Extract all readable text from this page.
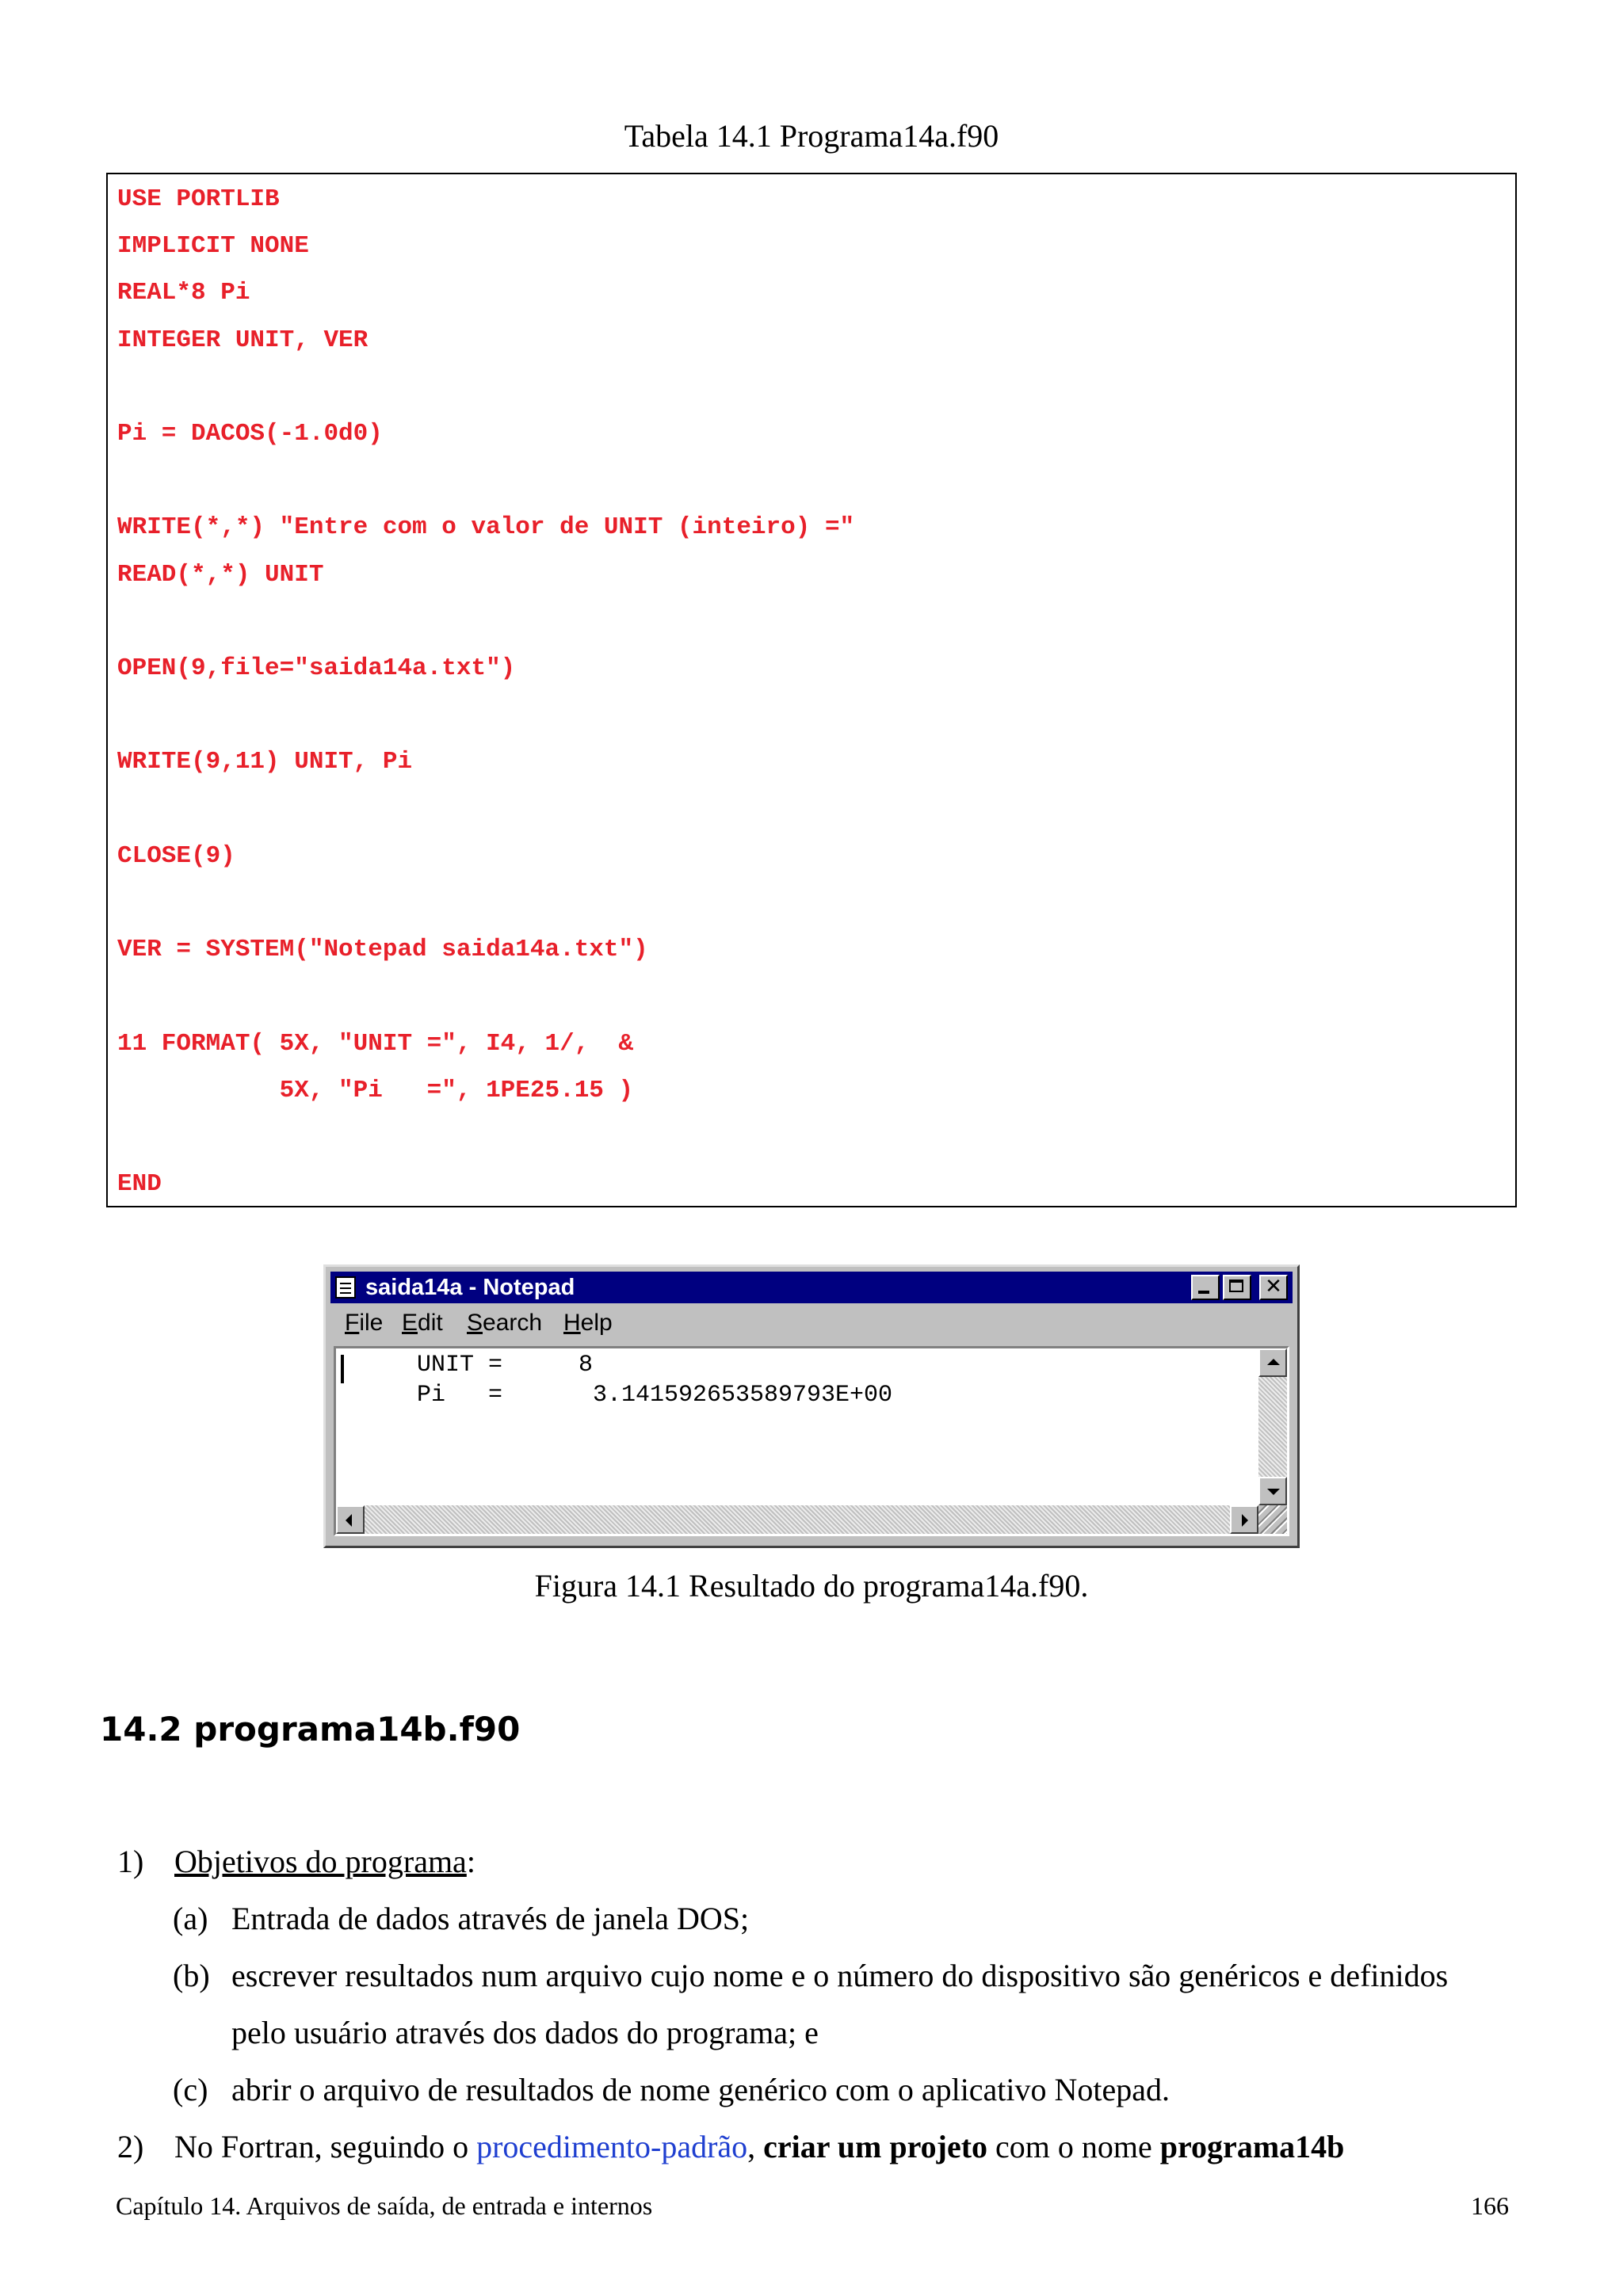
Tabela 14.1 Programa14a.f90
USE PORTLIB
IMPLICIT NONE
REAL*8 Pi
INTEGER UNIT, VER
Pi = DACOS(-1.0d0)
WRITE(*,*) "Entre com o valor de UNIT (inteiro) ="
READ(*,*) UNIT
OPEN(9,file="saida14a.txt")
WRITE(9,11) UNIT, Pi
CLOSE(9)
VER = SYSTEM("Notepad saida14a.txt")
11 FORMAT( 5X, "UNIT =", I4, 1/,  &
5X, "Pi   =", 1PE25.15 )
END
saida14a - Notepad	✕
File Edit Search Help

UNIT =

	8

Pi   =

	3.141592653589793E+00

Figura 14.1 Resultado do programa14a.f90.
14.2 programa14b.f90
1) Objetivos do programa:
(a) Entrada de dados através de janela DOS;
(b) escrever resultados num arquivo cujo nome e o número do dispositivo são genéricos e definidos
pelo usuário através dos dados do programa; e
(c) abrir o arquivo de resultados de nome genérico com o aplicativo Notepad.
2) No Fortran, seguindo o procedimento-padrão, criar um projeto com o nome programa14b
Capítulo 14. Arquivos de saída, de entrada e internos	166
